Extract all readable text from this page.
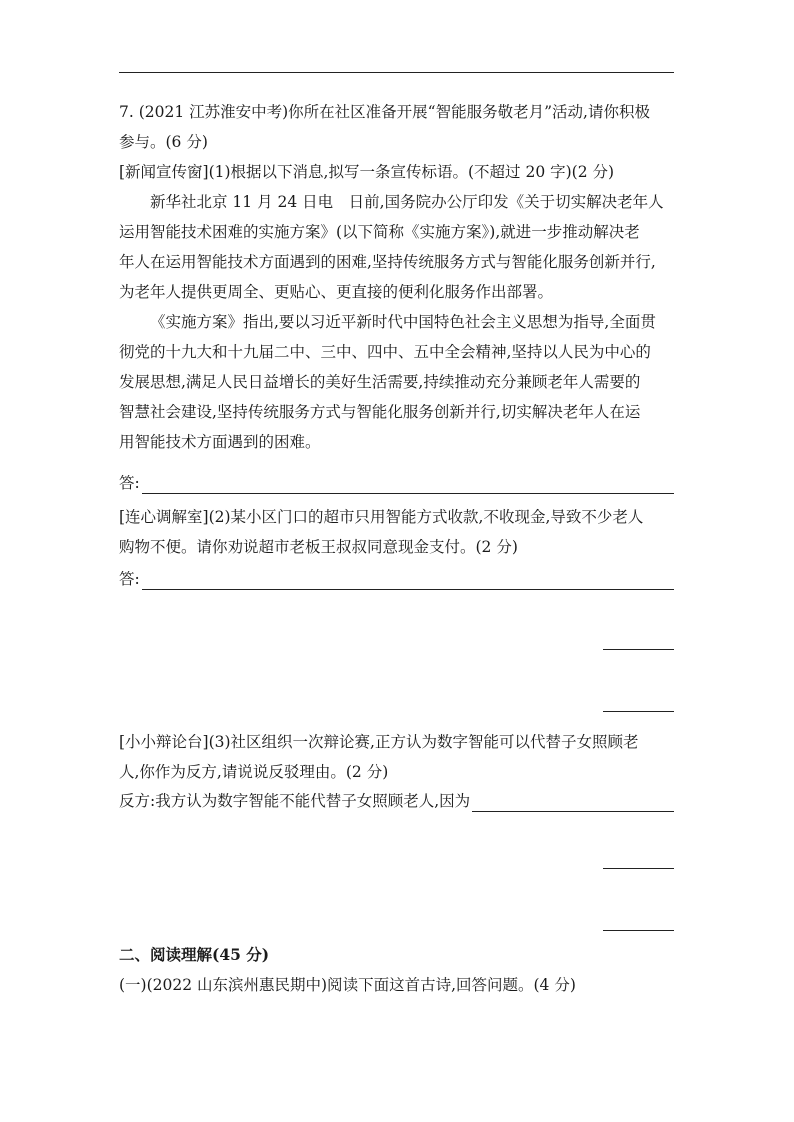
7. (2021 江苏淮安中考)你所在社区准备开展“智能服务敬老月”活动,请你积极
参与。(6 分)
[新闻宣传窗](1)根据以下消息,拟写一条宣传标语。(不超过 20 字)(2 分)
新华社北京 11 月 24 日电　日前,国务院办公厅印发《关于切实解决老年人
运用智能技术困难的实施方案》(以下简称《实施方案》),就进一步推动解决老
年人在运用智能技术方面遇到的困难,坚持传统服务方式与智能化服务创新并行,
为老年人提供更周全、更贴心、更直接的便利化服务作出部署。
《实施方案》指出,要以习近平新时代中国特色社会主义思想为指导,全面贯
彻党的十九大和十九届二中、三中、四中、五中全会精神,坚持以人民为中心的
发展思想,满足人民日益增长的美好生活需要,持续推动充分兼顾老年人需要的
智慧社会建设,坚持传统服务方式与智能化服务创新并行,切实解决老年人在运
用智能技术方面遇到的困难。
答:
[连心调解室](2)某小区门口的超市只用智能方式收款,不收现金,导致不少老人
购物不便。请你劝说超市老板王叔叔同意现金支付。(2 分)
答:
[小小辩论台](3)社区组织一次辩论赛,正方认为数字智能可以代替子女照顾老
人,你作为反方,请说说反驳理由。(2 分)
反方:我方认为数字智能不能代替子女照顾老人,因为
二、阅读理解(45 分)
(一)(2022 山东滨州惠民期中)阅读下面这首古诗,回答问题。(4 分)
